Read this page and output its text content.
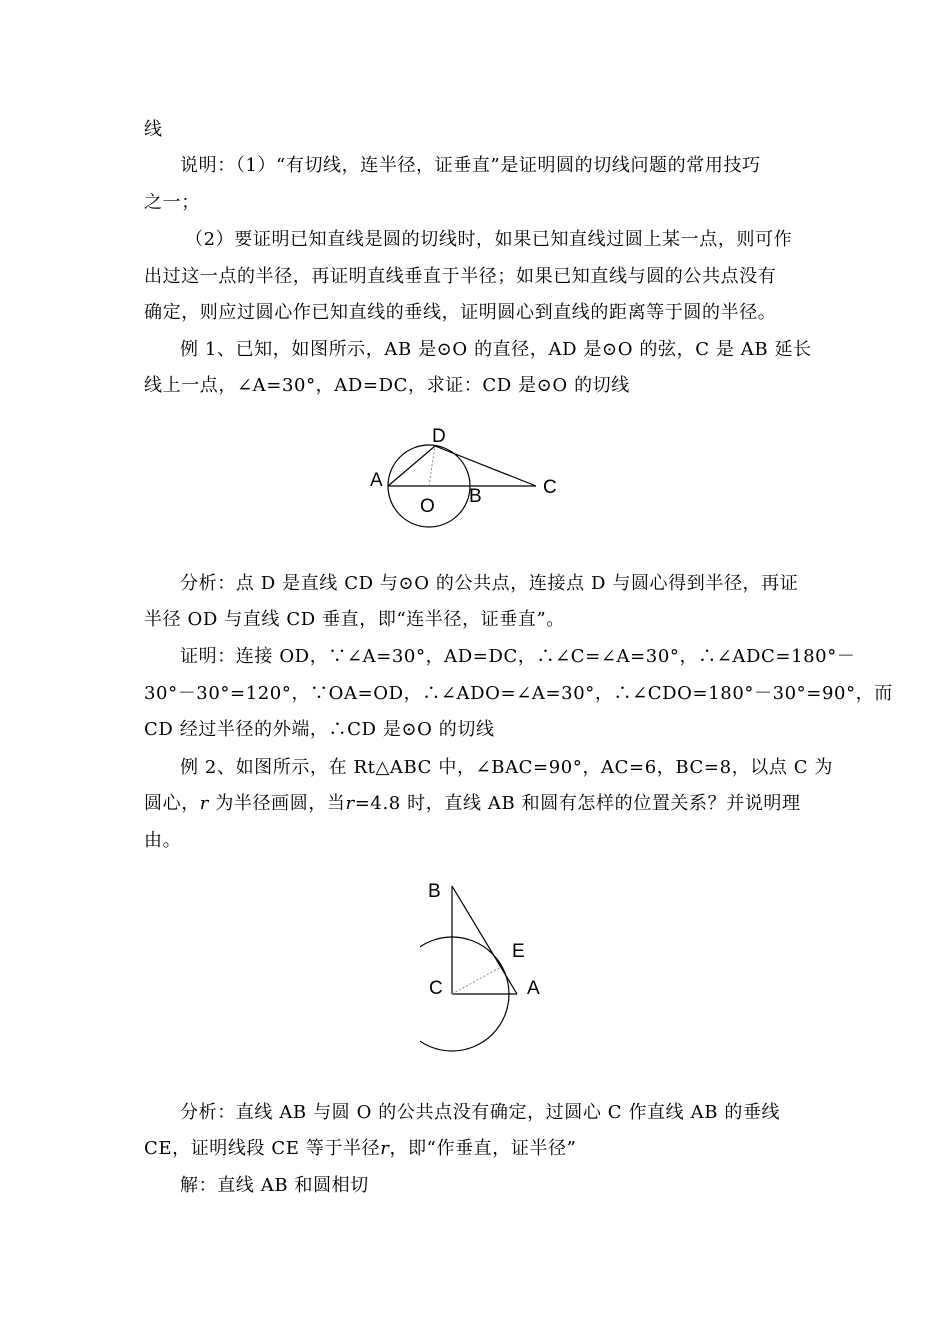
线
说明：（1）“有切线，连半径，证垂直”是证明圆的切线问题的常用技巧
之一；
（2）要证明已知直线是圆的切线时，如果已知直线过圆上某一点，则可作
出过这一点的半径，再证明直线垂直于半径；如果已知直线与圆的公共点没有
确定，则应过圆心作已知直线的垂线，证明圆心到直线的距离等于圆的半径。
例 1、已知，如图所示，AB 是⊙O 的直径，AD 是⊙O 的弦，C 是 AB 延长
线上一点，∠A=30°，AD=DC，求证：CD 是⊙O 的切线
D
A
O B	C
分析：点 D 是直线 CD 与⊙O 的公共点，连接点 D 与圆心得到半径，再证
半径 OD 与直线 CD 垂直，即“连半径，证垂直”。
证明：连接 OD，∵∠A=30°，AD=DC，∴∠C=∠A=30°，∴∠ADC=180°－
30°－30°=120°，∵OA=OD，∴∠ADO=∠A=30°，∴∠CDO=180°－30°=90°，而
CD 经过半径的外端，∴CD 是⊙O 的切线
例 2、如图所示，在 Rt△ABC 中，∠BAC=90°，AC=6，BC=8，以点 C 为
圆心，𝑟 为半径画圆，当𝑟=4.8 时，直线 AB 和圆有怎样的位置关系？并说明理
由。
B
E
C	A
分析：直线 AB 与圆 O 的公共点没有确定，过圆心 C 作直线 AB 的垂线
CE，证明线段 CE 等于半径𝑟，即“作垂直，证半径”
解：直线 AB 和圆相切
